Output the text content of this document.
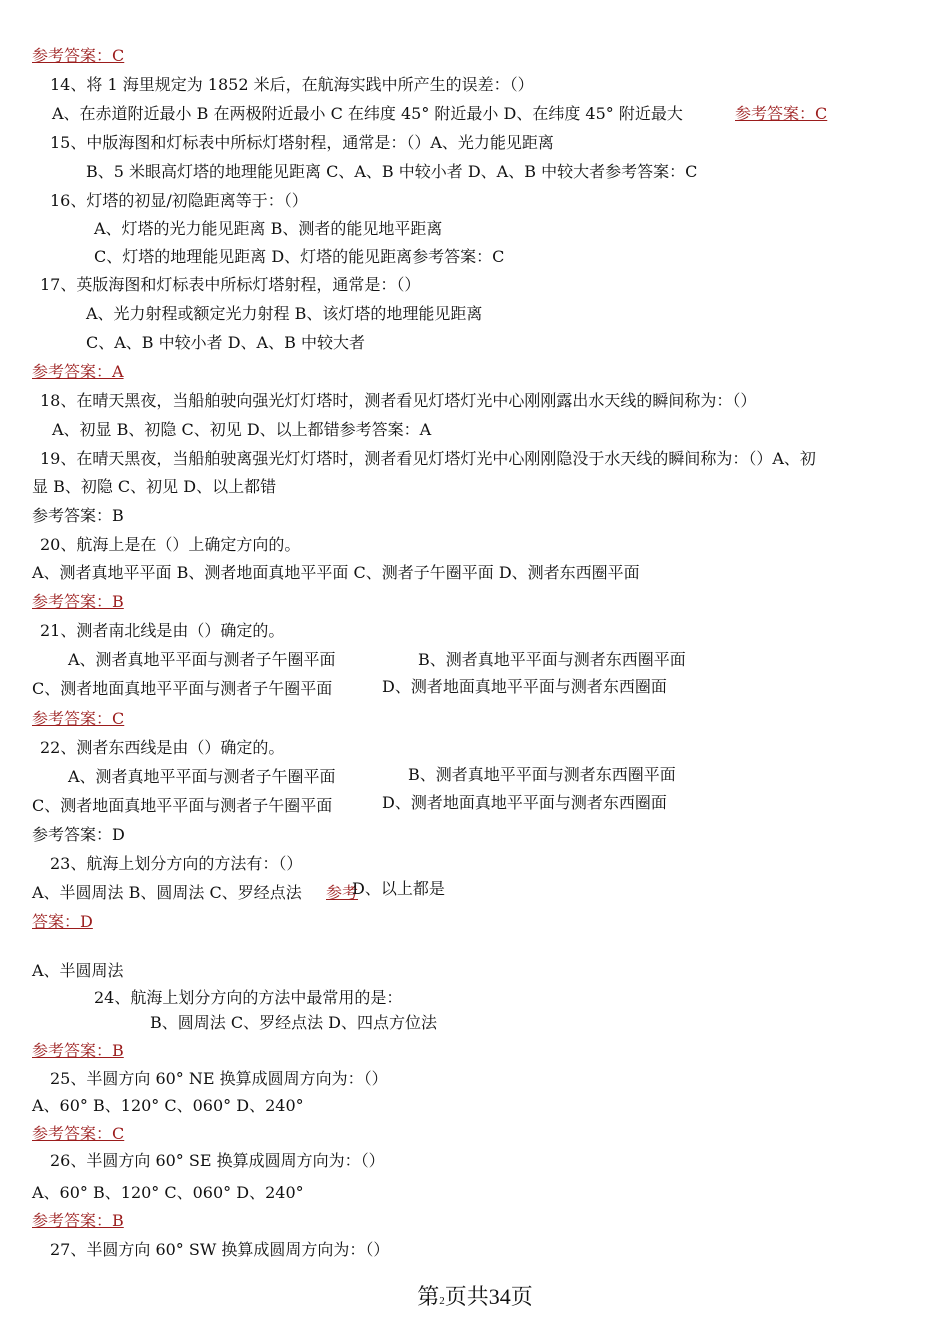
参考答案：C
14、将 1 海里规定为 1852 米后，在航海实践中所产生的误差：（）
A、在赤道附近最小 B 在两极附近最小 C 在纬度 45° 附近最小 D、在纬度 45° 附近最大	参考答案：C
15、中版海图和灯标表中所标灯塔射程，通常是：（）A、光力能见距离
B、5 米眼高灯塔的地理能见距离 C、A、B 中较小者 D、A、B 中较大者参考答案：C
16、灯塔的初显/初隐距离等于：（）
A、灯塔的光力能见距离 B、测者的能见地平距离
C、灯塔的地理能见距离 D、灯塔的能见距离参考答案：C
17、英版海图和灯标表中所标灯塔射程，通常是：（）
A、光力射程或额定光力射程 B、该灯塔的地理能见距离
C、A、B 中较小者 D、A、B 中较大者
参考答案：A
18、在晴天黑夜，当船舶驶向强光灯灯塔时，测者看见灯塔灯光中心刚刚露出水天线的瞬间称为：（）
A、初显 B、初隐 C、初见 D、以上都错参考答案：A
19、在晴天黑夜，当船舶驶离强光灯灯塔时，测者看见灯塔灯光中心刚刚隐没于水天线的瞬间称为：（）A、初
显 B、初隐 C、初见 D、以上都错
参考答案：B
20、航海上是在（）上确定方向的。
A、测者真地平平面 B、测者地面真地平平面 C、测者子午圈平面 D、测者东西圈平面
参考答案：B
21、测者南北线是由（）确定的。
A、测者真地平平面与测者子午圈平面	B、测者真地平平面与测者东西圈平面
C、测者地面真地平平面与测者子午圈平面	D、测者地面真地平平面与测者东西圈面
参考答案：C
22、测者东西线是由（）确定的。
A、测者真地平平面与测者子午圈平面	B、测者真地平平面与测者东西圈平面
C、测者地面真地平平面与测者子午圈平面	D、测者地面真地平平面与测者东西圈面
参考答案：D
23、航海上划分方向的方法有：（）
A、半圆周法 B、圆周法 C、罗经点法 参考
D、以上都是
答案：D
A、半圆周法
24、航海上划分方向的方法中最常用的是：
B、圆周法 C、罗经点法 D、四点方位法
参考答案：B
25、半圆方向 60° NE 换算成圆周方向为：（）
A、60° B、120° C、060° D、240°
参考答案：C
26、半圆方向 60° SE 换算成圆周方向为：（）
A、60° B、120° C、060° D、240°
参考答案：B
27、半圆方向 60° SW 换算成圆周方向为：（）
第2页共34页
